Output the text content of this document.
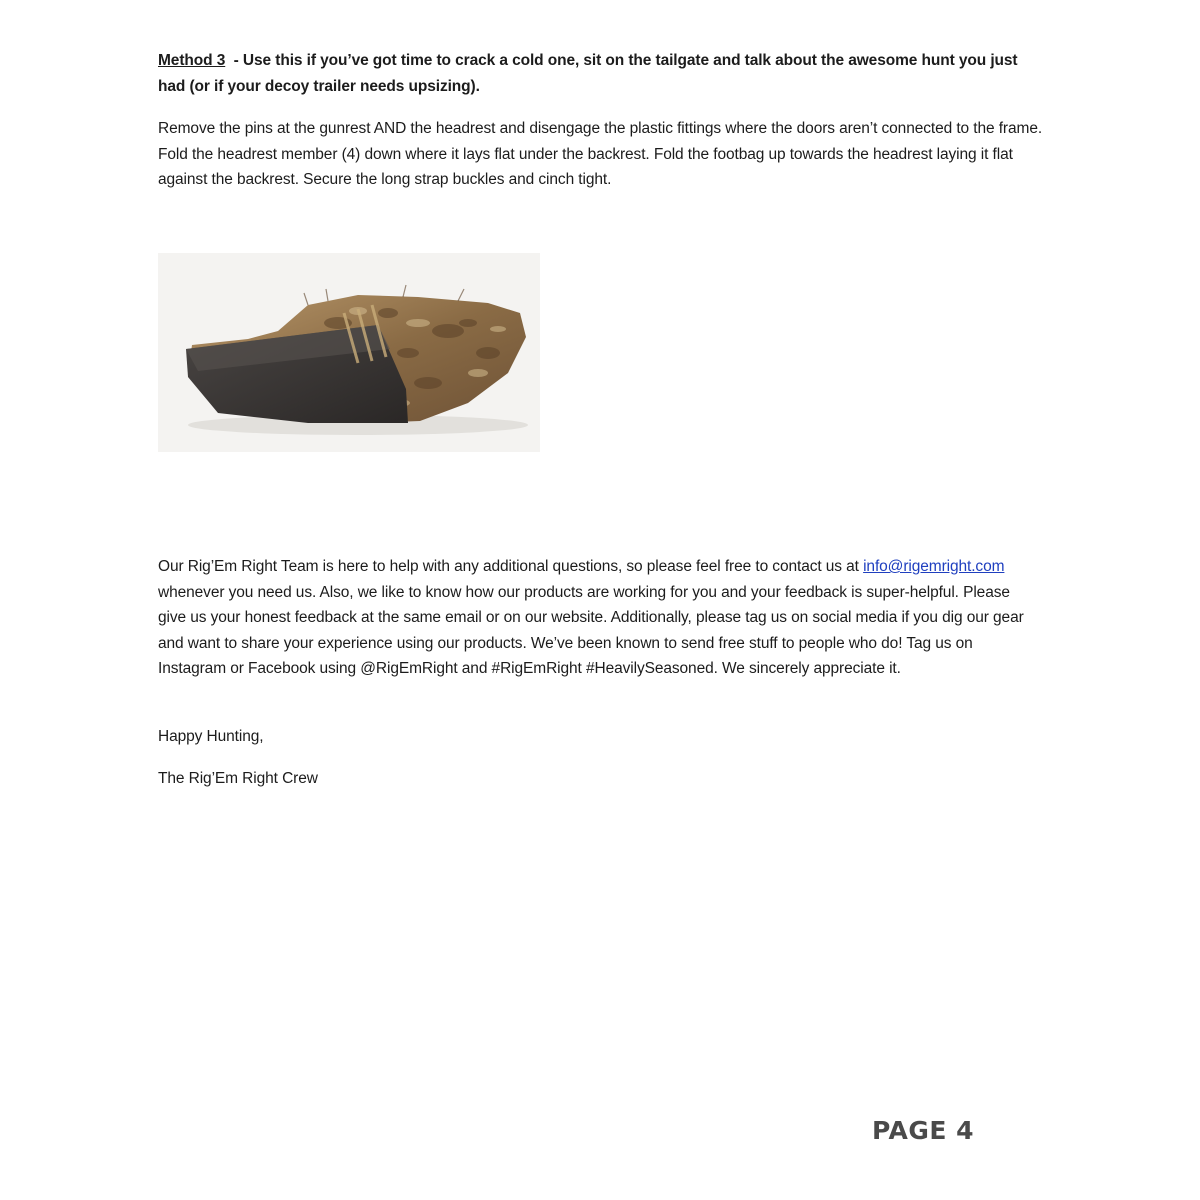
Method 3  - Use this if you’ve got time to crack a cold one, sit on the tailgate and talk about the awesome hunt you just had (or if your decoy trailer needs upsizing).
Remove the pins at the gunrest AND the headrest and disengage the plastic fittings where the doors aren’t connected to the frame. Fold the headrest member (4) down where it lays flat under the backrest. Fold the footbag up towards the headrest laying it flat against the backrest. Secure the long strap buckles and cinch tight.
Our Rig’Em Right Team is here to help with any additional questions, so please feel free to contact us at info@rigemright.com whenever you need us. Also, we like to know how our products are working for you and your feedback is super-helpful. Please give us your honest feedback at the same email or on our website. Additionally, please tag us on social media if you dig our gear and want to share your experience using our products. We’ve been known to send free stuff to people who do! Tag us on Instagram or Facebook using @RigEmRight and #RigEmRight #HeavilySeasoned. We sincerely appreciate it.
Happy Hunting,
The Rig’Em Right Crew
PAGE 4
